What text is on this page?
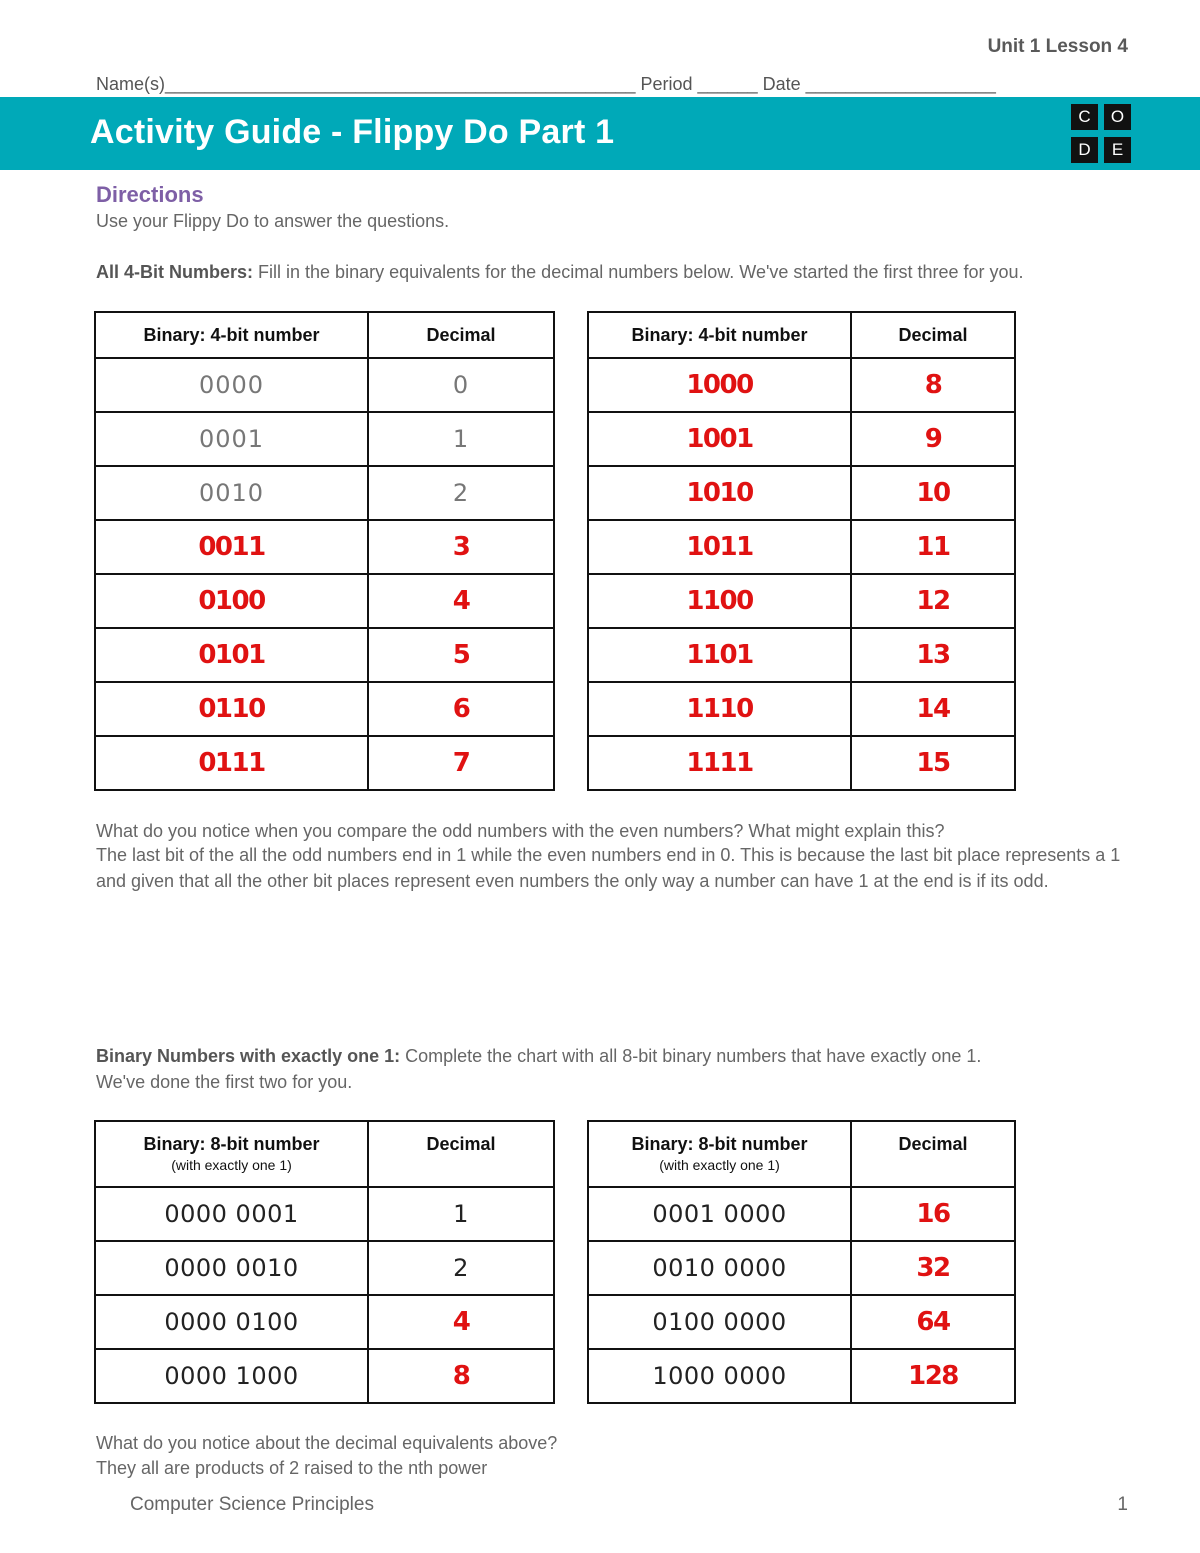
Unit 1 Lesson 4
Name(s)_______________________________________________ Period ______ Date ___________________
Activity Guide - Flippy Do Part 1	C	O
D	E
Directions
Use your Flippy Do to answer the questions.
All 4-Bit Numbers: Fill in the binary equivalents for the decimal numbers below. We've started the first three for you.
Binary: 4-bit number	Decimal
0000	0
0001	1
0010	2
0011	3
0100	4
0101	5
0110	6
0111	7
Binary: 4-bit number	Decimal
1000	8
1001	9
1010	10
1011	11
1100	12
1101	13
1110	14
1111	15
What do you notice when you compare the odd numbers with the even numbers? What might explain this?
The last bit of the all the odd numbers end in 1 while the even numbers end in 0. This is because the last bit place represents a 1 and given that all the other bit places represent even numbers the only way a number can have 1 at the end is if its odd.
Binary Numbers with exactly one 1: Complete the chart with all 8-bit binary numbers that have exactly one 1.
We've done the first two for you.
Binary: 8-bit number
(with exactly one 1)	Decimal
0000 0001	1
0000 0010	2
0000 0100	4
0000 1000	8
Binary: 8-bit number
(with exactly one 1)	Decimal
0001 0000	16
0010 0000	32
0100 0000	64
1000 0000	128
What do you notice about the decimal equivalents above?
They all are products of 2 raised to the nth power
Computer Science Principles	1
